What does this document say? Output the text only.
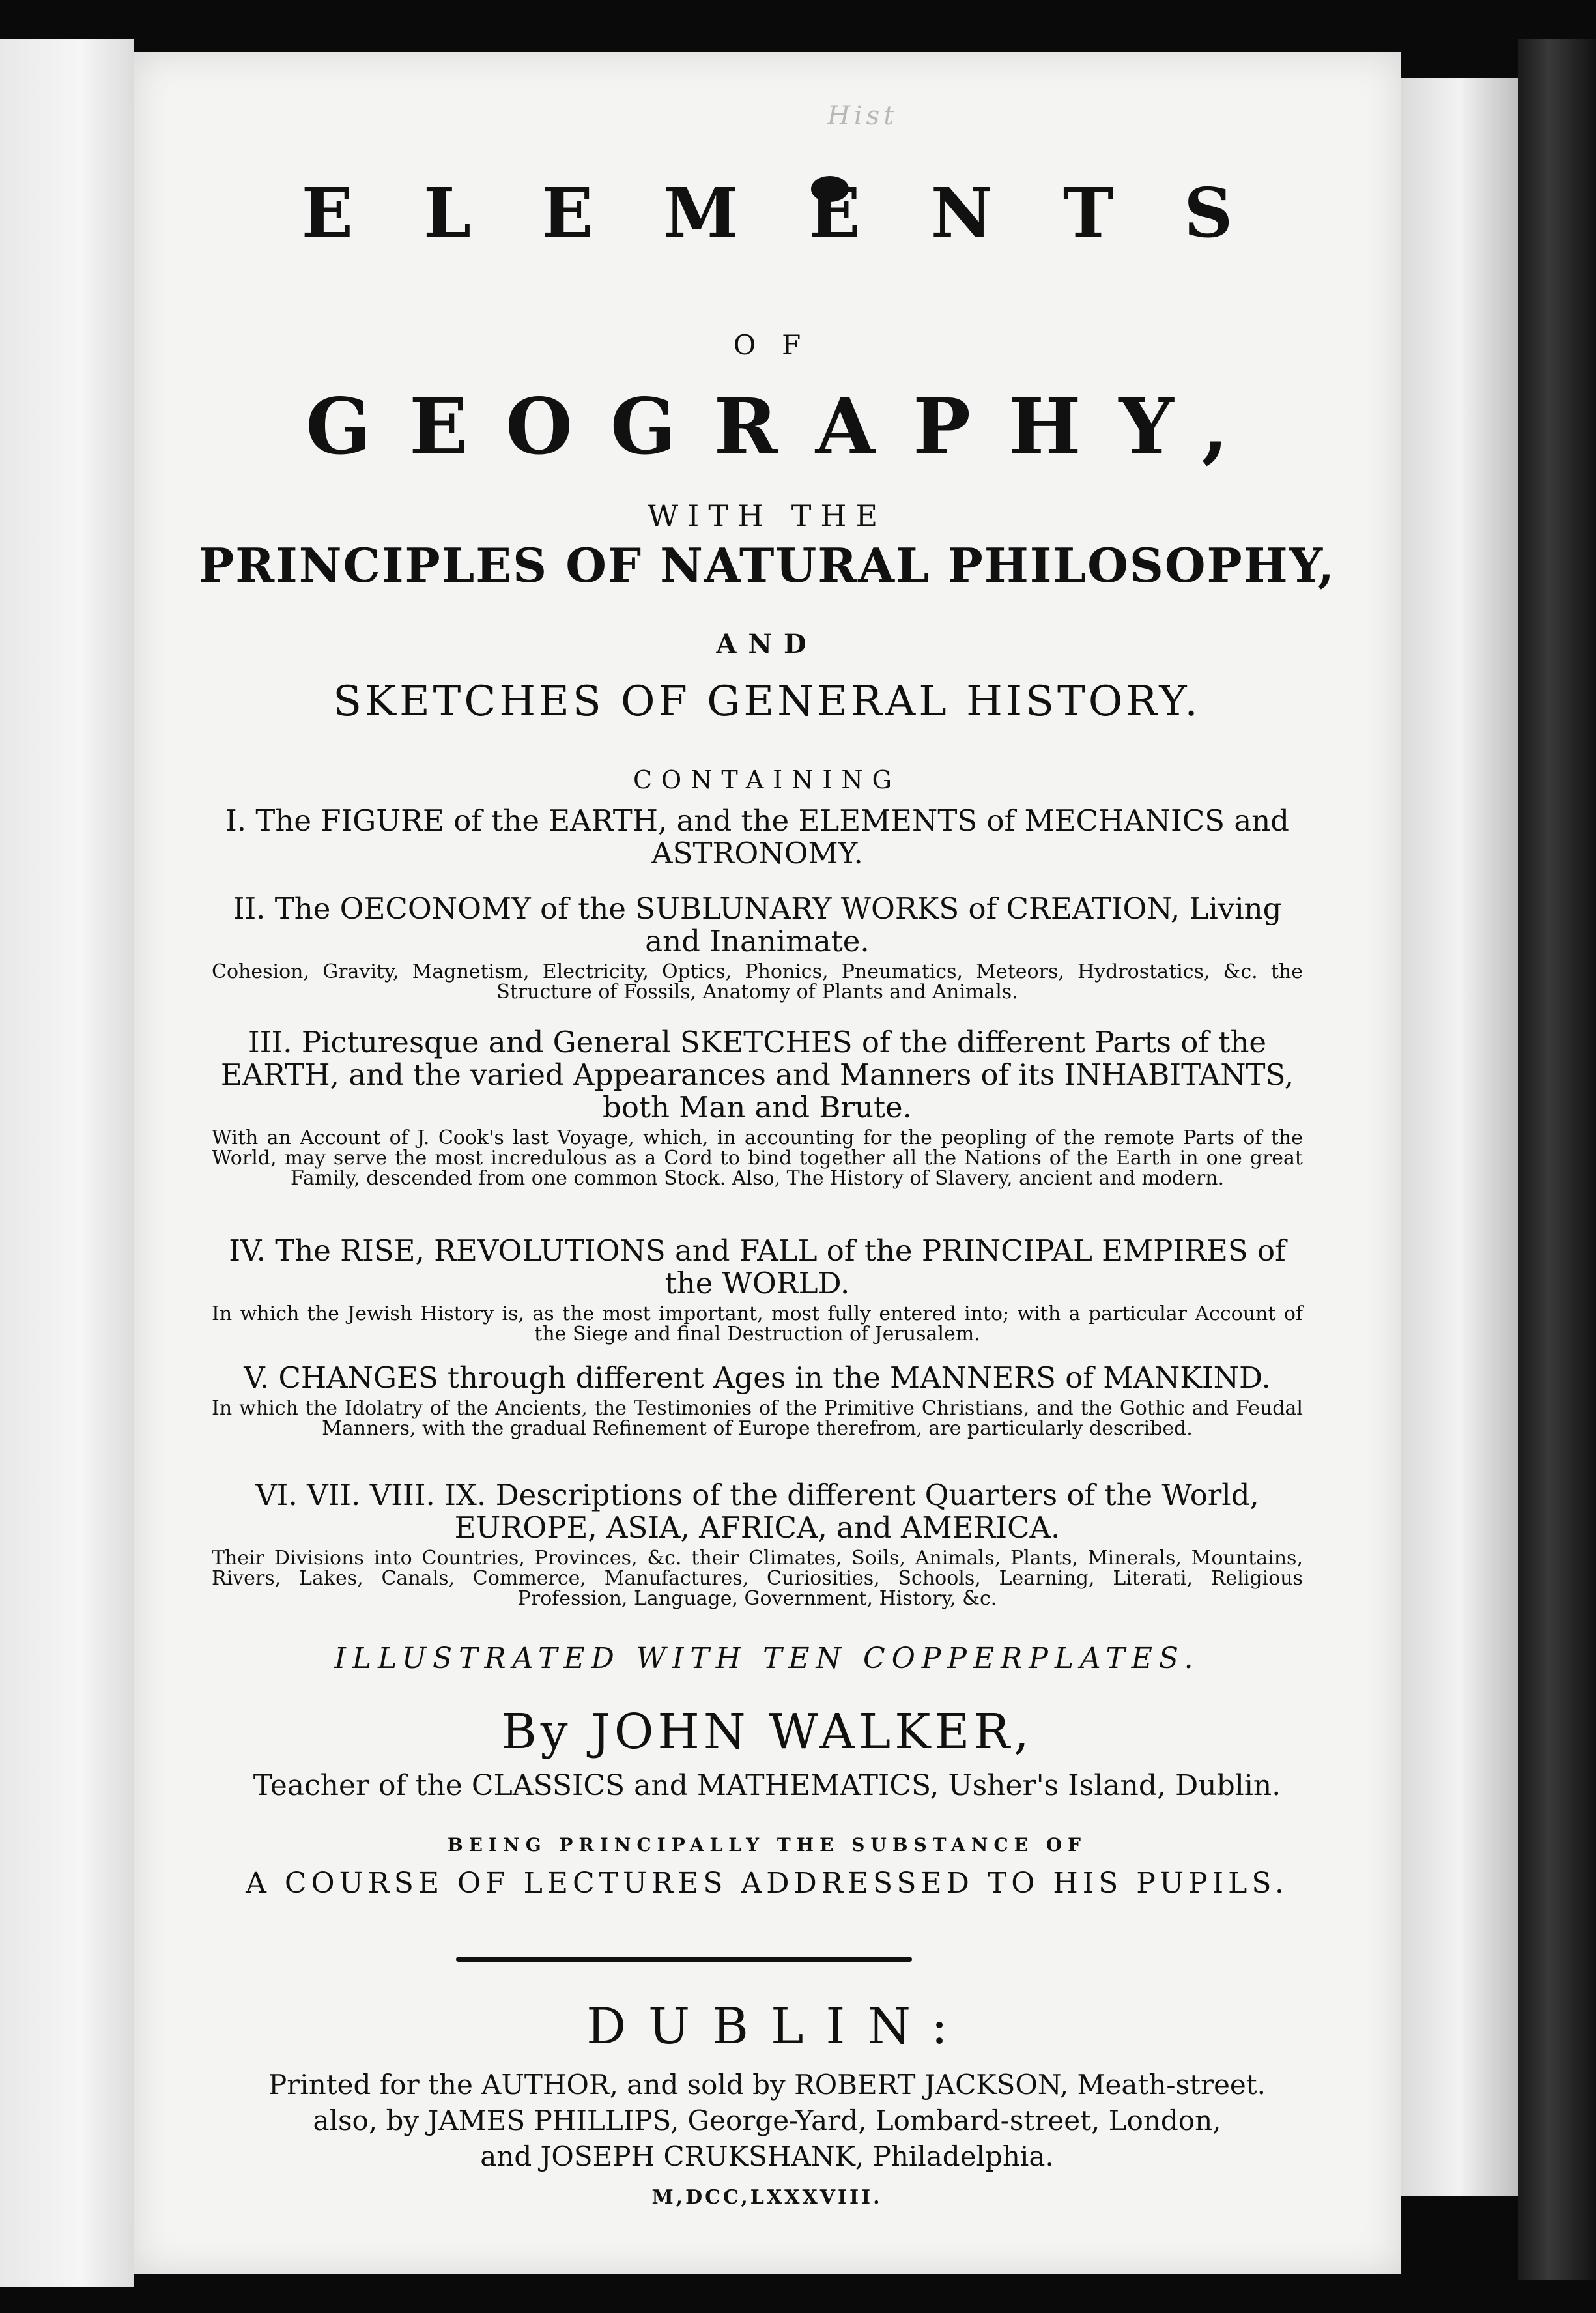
Hist
ELEMENTS
OF
GEOGRAPHY,
WITH THE
PRINCIPLES OF NATURAL PHILOSOPHY,
AND
SKETCHES OF GENERAL HISTORY.
CONTAINING
I. The FIGURE of the EARTH, and the ELEMENTS of MECHANICS and ASTRONOMY.
II. The OECONOMY of the SUBLUNARY WORKS of CREATION, Living and Inanimate.
Cohesion, Gravity, Magnetism, Electricity, Optics, Phonics, Pneumatics, Meteors, Hydrostatics, &c. the Structure of Fossils, Anatomy of Plants and Animals.
III. Picturesque and General SKETCHES of the different Parts of the EARTH, and the varied Appearances and Manners of its INHABITANTS, both Man and Brute.
With an Account of J. Cook's last Voyage, which, in accounting for the peopling of the remote Parts of the World, may serve the most incredulous as a Cord to bind together all the Nations of the Earth in one great Family, descended from one common Stock. Also, The History of Slavery, ancient and modern.
IV. The RISE, REVOLUTIONS and FALL of the PRINCIPAL EMPIRES of the WORLD.
In which the Jewish History is, as the most important, most fully entered into; with a particular Account of the Siege and final Destruction of Jerusalem.
V. CHANGES through different Ages in the MANNERS of MANKIND.
In which the Idolatry of the Ancients, the Testimonies of the Primitive Christians, and the Gothic and Feudal Manners, with the gradual Refinement of Europe therefrom, are particularly described.
VI. VII. VIII. IX. Descriptions of the different Quarters of the World, EUROPE, ASIA, AFRICA, and AMERICA.
Their Divisions into Countries, Provinces, &c. their Climates, Soils, Animals, Plants, Minerals, Mountains, Rivers, Lakes, Canals, Commerce, Manufactures, Curiosities, Schools, Learning, Literati, Religious Profession, Language, Government, History, &c.
ILLUSTRATED WITH TEN COPPERPLATES.
By JOHN WALKER,
Teacher of the CLASSICS and MATHEMATICS, Usher's Island, Dublin.
BEING PRINCIPALLY THE SUBSTANCE OF
A COURSE OF LECTURES ADDRESSED TO HIS PUPILS.
DUBLIN:
Printed for the AUTHOR, and sold by ROBERT JACKSON, Meath-street.
also, by JAMES PHILLIPS, George-Yard, Lombard-street, London,
and JOSEPH CRUKSHANK, Philadelphia.
M,DCC,LXXXVIII.
